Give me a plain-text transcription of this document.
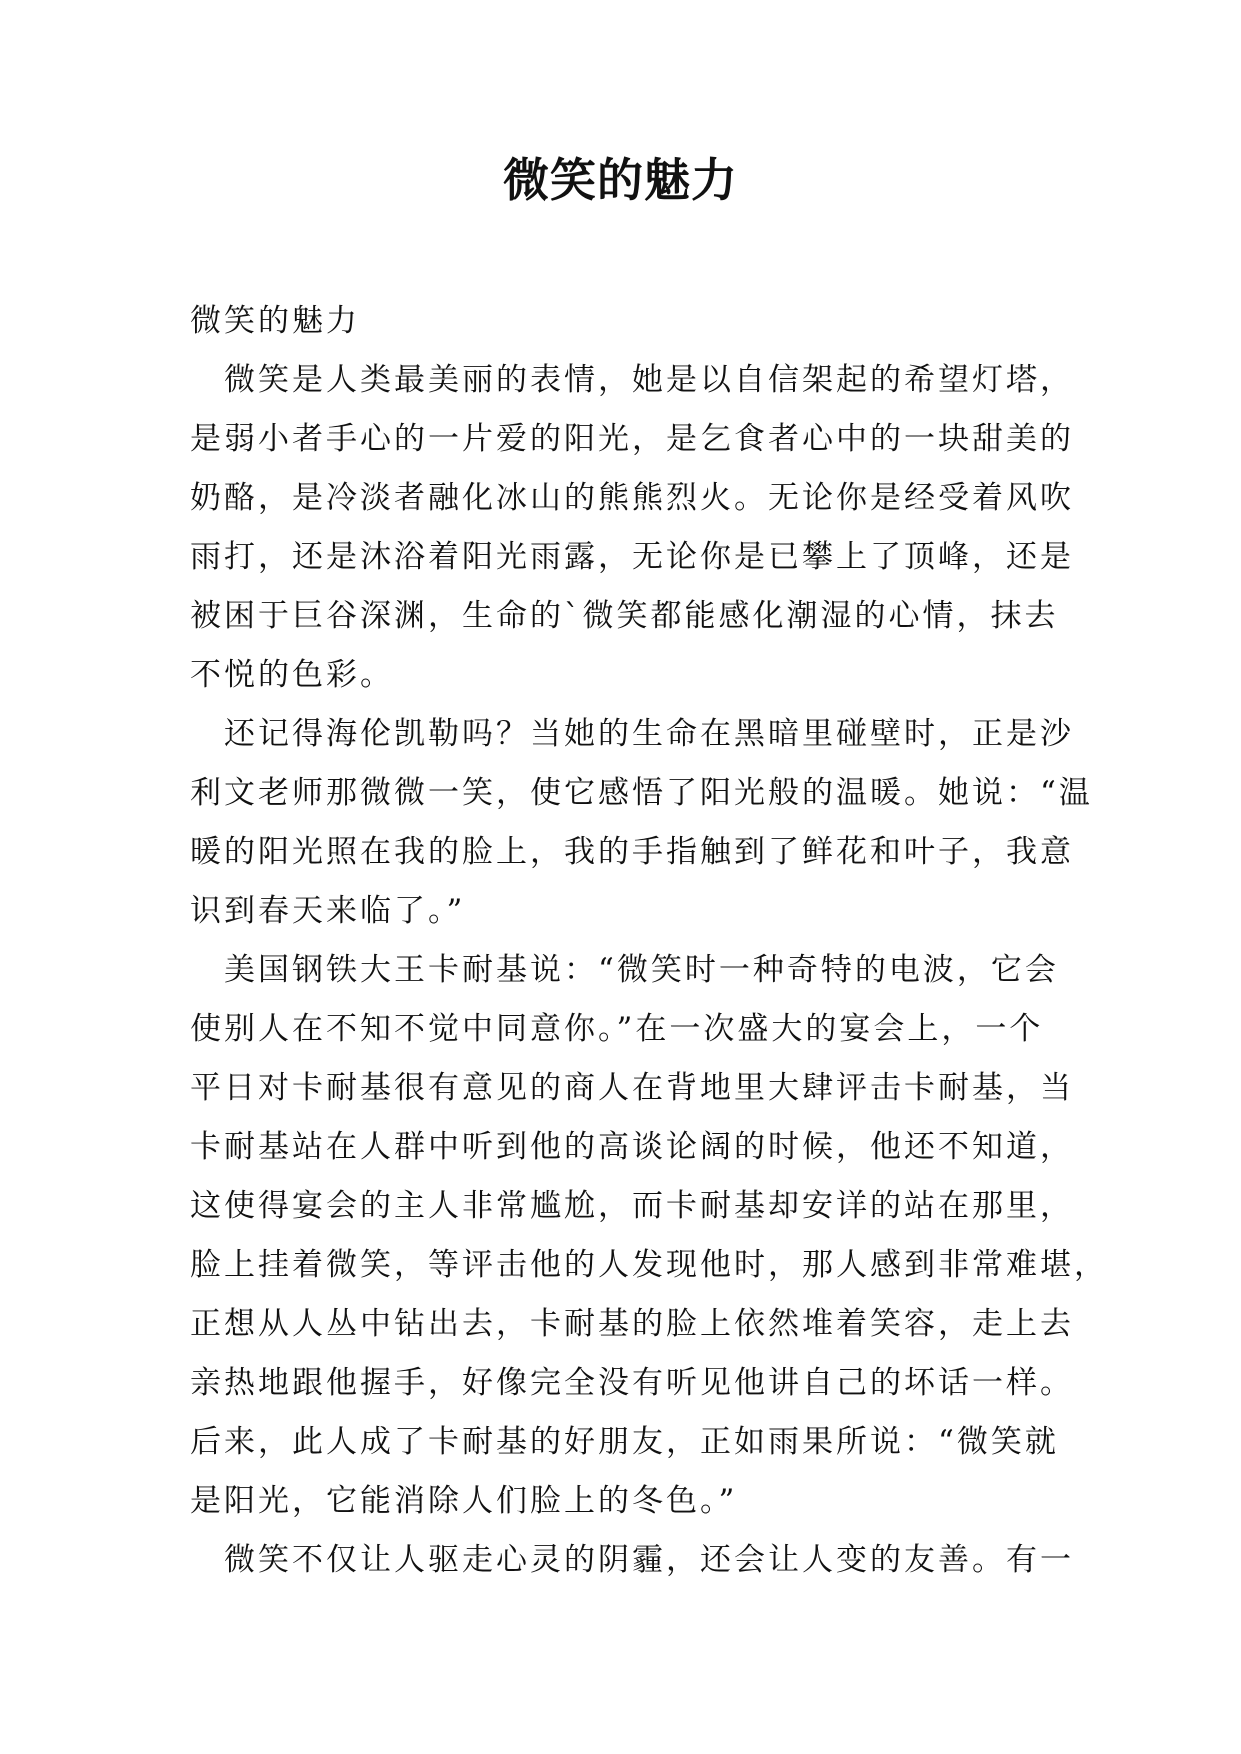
微笑的魅力
微笑的魅力
　微笑是人类最美丽的表情，她是以自信架起的希望灯塔，
是弱小者手心的一片爱的阳光，是乞食者心中的一块甜美的
奶酪，是冷淡者融化冰山的熊熊烈火。无论你是经受着风吹
雨打，还是沐浴着阳光雨露，无论你是已攀上了顶峰，还是
被困于巨谷深渊，生命的`微笑都能感化潮湿的心情，抹去
不悦的色彩。
　还记得海伦凯勒吗？当她的生命在黑暗里碰壁时，正是沙
利文老师那微微一笑，使它感悟了阳光般的温暖。她说：“温
暖的阳光照在我的脸上，我的手指触到了鲜花和叶子，我意
识到春天来临了。”
　美国钢铁大王卡耐基说：“微笑时一种奇特的电波，它会
使别人在不知不觉中同意你。”在一次盛大的宴会上，一个
平日对卡耐基很有意见的商人在背地里大肆评击卡耐基，当
卡耐基站在人群中听到他的高谈论阔的时候，他还不知道，
这使得宴会的主人非常尴尬，而卡耐基却安详的站在那里，
脸上挂着微笑，等评击他的人发现他时，那人感到非常难堪，
正想从人丛中钻出去，卡耐基的脸上依然堆着笑容，走上去
亲热地跟他握手，好像完全没有听见他讲自己的坏话一样。
后来，此人成了卡耐基的好朋友，正如雨果所说：“微笑就
是阳光，它能消除人们脸上的冬色。”
　微笑不仅让人驱走心灵的阴霾，还会让人变的友善。有一
